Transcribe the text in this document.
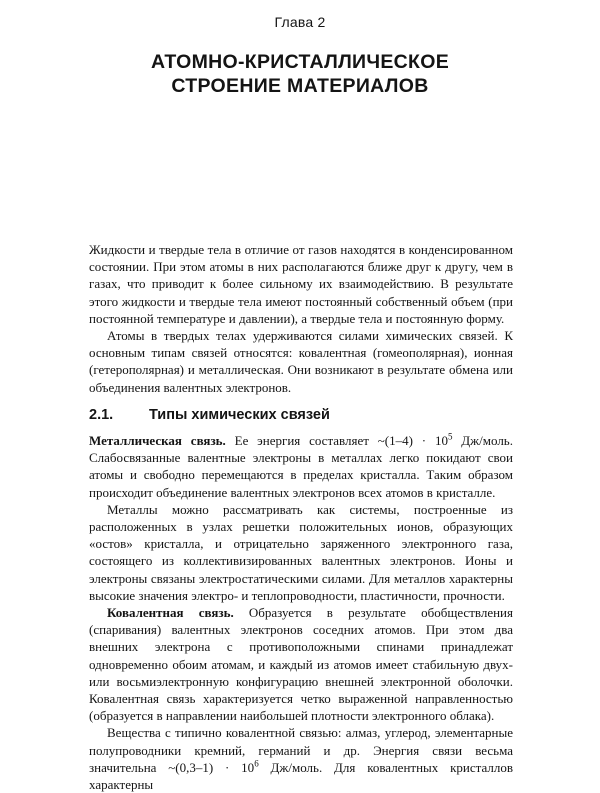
Глава 2
АТОМНО-КРИСТАЛЛИЧЕСКОЕ
СТРОЕНИЕ МАТЕРИАЛОВ

Жидкости и твердые тела в отличие от газов находятся в конденсированном состоянии. При этом атомы в них располагаются ближе друг к другу, чем в газах, что приводит к более сильному их взаимодействию. В результате этого жидкости и твердые тела имеют постоянный собственный объем (при постоянной температуре и давлении), а твердые тела и постоянную форму.

Атомы в твердых телах удерживаются силами химических связей. К основным типам связей относятся: ковалентная (гомеополярная), ионная (гетерополярная) и металлическая. Они возникают в результате обмена или объединения валентных электронов.

2.1. Типы химических связей

Металлическая связь. Ее энергия составляет ~(1–4) · $10^5$ Дж/моль. Слабосвязанные валентные электроны в металлах легко покидают свои атомы и свободно перемещаются в пределах кристалла. Таким образом происходит объединение валентных электронов всех атомов в кристалле.

Металлы можно рассматривать как системы, построенные из расположенных в узлах решетки положительных ионов, образующих «остов» кристалла, и отрицательно заряженного электронного газа, состоящего из коллективизированных валентных электронов. Ионы и электроны связаны электростатическими силами. Для металлов характерны высокие значения электро- и теплопроводности, пластичности, прочности.

Ковалентная связь. Образуется в результате обобществления (спаривания) валентных электронов соседних атомов. При этом два внешних электрона с противоположными спинами принадлежат одновременно обоим атомам, и каждый из атомов имеет стабильную двух- или восьмиэлектронную конфигурацию внешней электронной оболочки. Ковалентная связь характеризуется четко выраженной направленностью (образуется в направлении наибольшей плотности электронного облака).

Вещества с типично ковалентной связью: алмаз, углерод, элементарные полупроводники кремний, германий и др. Энергия связи весьма значительна ~(0,3–1) · $10^6$ Дж/моль. Для ковалентных кристаллов характерны
